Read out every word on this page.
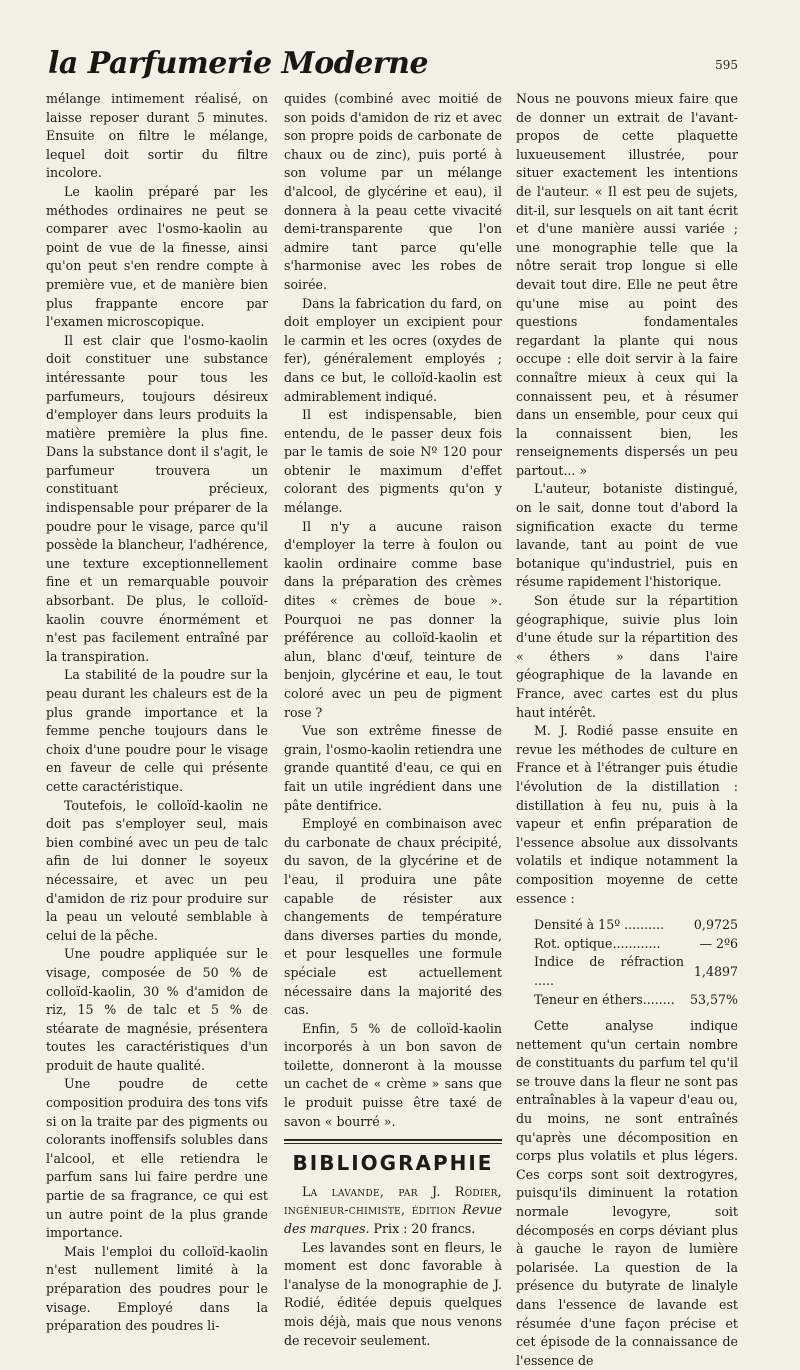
la Parfumerie Moderne	595

mélange intimement réalisé, on laisse reposer durant 5 minutes. Ensuite on filtre le mélange, lequel doit sortir du filtre incolore.

Le kaolin préparé par les méthodes ordinaires ne peut se comparer avec l'osmo-kaolin au point de vue de la finesse, ainsi qu'on peut s'en rendre compte à première vue, et de manière bien plus frappante encore par l'examen microscopique.

Il est clair que l'osmo-kaolin doit constituer une substance intéressante pour tous les parfumeurs, toujours désireux d'employer dans leurs produits la matière première la plus fine. Dans la substance dont il s'agit, le parfumeur trouvera un constituant précieux, indispensable pour préparer de la poudre pour le visage, parce qu'il possède la blancheur, l'adhérence, une texture exceptionnellement fine et un remarquable pouvoir absorbant. De plus, le colloïd-kaolin couvre énormément et n'est pas facilement entraîné par la transpiration.

La stabilité de la poudre sur la peau durant les chaleurs est de la plus grande importance et la femme penche toujours dans le choix d'une poudre pour le visage en faveur de celle qui présente cette caractéristique.

Toutefois, le colloïd-kaolin ne doit pas s'employer seul, mais bien combiné avec un peu de talc afin de lui donner le soyeux nécessaire, et avec un peu d'amidon de riz pour produire sur la peau un velouté semblable à celui de la pêche.

Une poudre appliquée sur le visage, composée de 50 % de colloïd-kaolin, 30 % d'amidon de riz, 15 % de talc et 5 % de stéarate de magnésie, présentera toutes les caractéristiques d'un produit de haute qualité.

Une poudre de cette composition produira des tons vifs si on la traite par des pigments ou colorants inoffensifs solubles dans l'alcool, et elle retiendra le parfum sans lui faire perdre une partie de sa fragrance, ce qui est un autre point de la plus grande importance.

Mais l'emploi du colloïd-kaolin n'est nullement limité à la préparation des poudres pour le visage. Employé dans la préparation des poudres li-

quides (combiné avec moitié de son poids d'amidon de riz et avec son propre poids de carbonate de chaux ou de zinc), puis porté à son volume par un mélange d'alcool, de glycérine et eau), il donnera à la peau cette vivacité demi-transparente que l'on admire tant parce qu'elle s'harmonise avec les robes de soirée.

Dans la fabrication du fard, on doit employer un excipient pour le carmin et les ocres (oxydes de fer), généralement employés ; dans ce but, le colloïd-kaolin est admirablement indiqué.

Il est indispensable, bien entendu, de le passer deux fois par le tamis de soie Nº 120 pour obtenir le maximum d'effet colorant des pigments qu'on y mélange.

Il n'y a aucune raison d'employer la terre à foulon ou kaolin ordinaire comme base dans la préparation des crèmes dites « crèmes de boue ». Pourquoi ne pas donner la préférence au colloïd-kaolin et alun, blanc d'œuf, teinture de benjoin, glycérine et eau, le tout coloré avec un peu de pigment rose ?

Vue son extrême finesse de grain, l'osmo-kaolin retiendra une grande quantité d'eau, ce qui en fait un utile ingrédient dans une pâte dentifrice.

Employé en combinaison avec du carbonate de chaux précipité, du savon, de la glycérine et de l'eau, il produira une pâte capable de résister aux changements de température dans diverses parties du monde, et pour lesquelles une formule spéciale est actuellement nécessaire dans la majorité des cas.

Enfin, 5 % de colloïd-kaolin incorporés à un bon savon de toilette, donneront à la mousse un cachet de « crème » sans que le produit puisse être taxé de savon « bourré ».

BIBLIOGRAPHIE

La lavande, par J. Rodier, ingénieur-chimiste, édition Revue des marques. Prix : 20 francs.

Les lavandes sont en fleurs, le moment est donc favorable à l'analyse de la monographie de J. Rodié, éditée depuis quelques mois déjà, mais que nous venons de recevoir seulement.

Nous ne pouvons mieux faire que de donner un extrait de l'avant-propos de cette plaquette luxueusement illustrée, pour situer exactement les intentions de l'auteur. « Il est peu de sujets, dit-il, sur lesquels on ait tant écrit et d'une manière aussi variée ; une monographie telle que la nôtre serait trop longue si elle devait tout dire. Elle ne peut être qu'une mise au point des questions fondamentales regardant la plante qui nous occupe : elle doit servir à la faire connaître mieux à ceux qui la connaissent peu, et à résumer dans un ensemble, pour ceux qui la connaissent bien, les renseignements dispersés un peu partout... »

L'auteur, botaniste distingué, on le sait, donne tout d'abord la signification exacte du terme lavande, tant au point de vue botanique qu'industriel, puis en résume rapidement l'historique.

Son étude sur la répartition géographique, suivie plus loin d'une étude sur la répartition des « éthers » dans l'aire géographique de la lavande en France, avec cartes est du plus haut intérêt.

M. J. Rodié passe ensuite en revue les méthodes de culture en France et à l'étranger puis étudie l'évolution de la distillation : distillation à feu nu, puis à la vapeur et enfin préparation de l'essence absolue aux dissolvants volatils et indique notamment la composition moyenne de cette essence :

Densité à 15º ..........	0,9725
Rot. optique............	— 2º6
Indice de réfraction .....	1,4897
Teneur en éthers........	53,57%

Cette analyse indique nettement qu'un certain nombre de constituants du parfum tel qu'il se trouve dans la fleur ne sont pas entraînables à la vapeur d'eau ou, du moins, ne sont entraînés qu'après une décomposition en corps plus volatils et plus légers. Ces corps sont soit dextrogyres, puisqu'ils diminuent la rotation normale levogyre, soit décomposés en corps déviant plus à gauche le rayon de lumière polarisée. La question de la présence du butyrate de linalyle dans l'essence de lavande est résumée d'une façon précise et cet épisode de la connaissance de l'essence de
